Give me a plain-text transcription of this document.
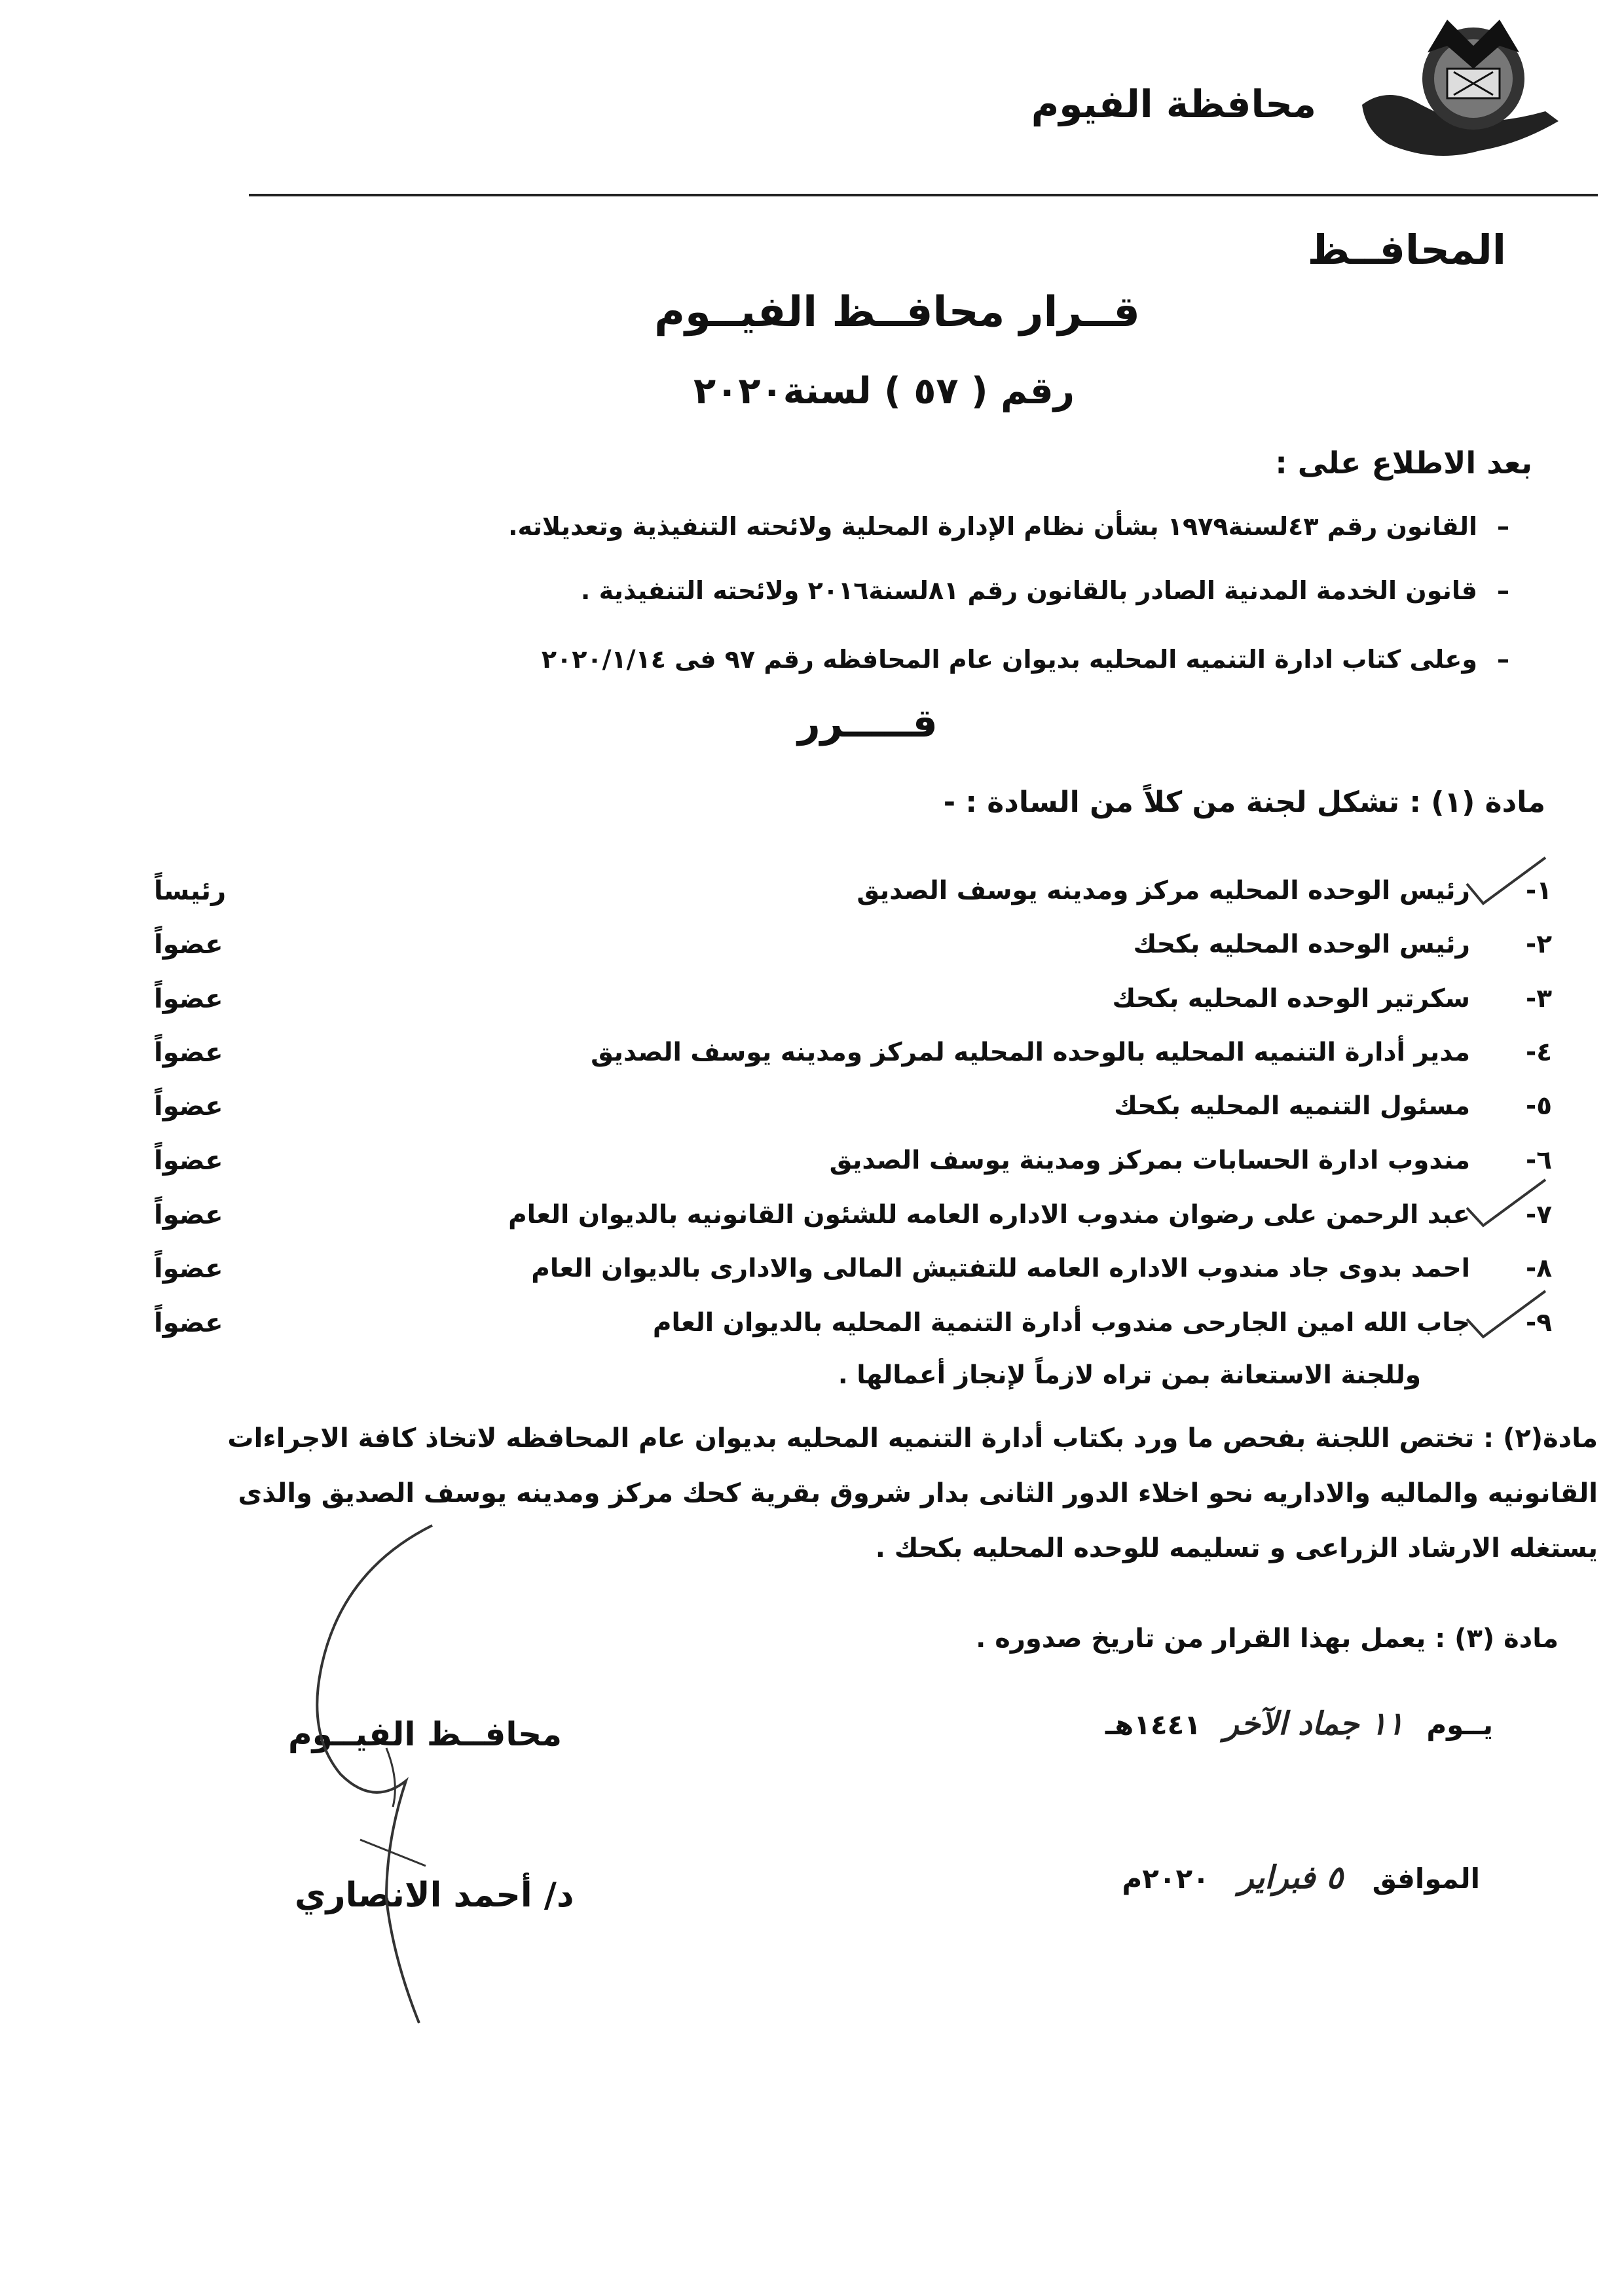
محافظة الفيوم
المحافــظ
قــرار محافــظ الفيــوم
رقم ( ٥٧ ) لسنة٢٠٢٠
بعد الاطلاع على :
–القانون رقم ٤٣لسنة١٩٧٩ بشأن نظام الإدارة المحلية ولائحته التنفيذية وتعديلاته.
–قانون الخدمة المدنية الصادر بالقانون رقم ٨١لسنة٢٠١٦ ولائحته التنفيذية .
–وعلى كتاب ادارة التنميه المحليه بديوان عام المحافظه رقم ٩٧ فى ٢٠٢٠/١/١٤
قـــــرر
مادة (١) : تشكل لجنة من كلاً من السادة : -
١-
رئيس الوحده المحليه مركز ومدينه يوسف الصديق
رئيساً
٢-
رئيس الوحده المحليه بكحك
عضواً
٣-
سكرتير الوحده المحليه بكحك
عضواً
٤-
مدير أدارة التنميه المحليه بالوحده المحليه لمركز ومدينه يوسف الصديق
عضواً
٥-
مسئول التنميه المحليه بكحك
عضواً
٦-
مندوب ادارة الحسابات بمركز ومدينة يوسف الصديق
عضواً
٧-
عبد الرحمن على رضوان مندوب الاداره العامه للشئون القانونيه بالديوان العام
عضواً
٨-
احمد بدوى جاد مندوب الاداره العامه للتفتيش المالى والادارى بالديوان العام
عضواً
٩-
جاب الله امين الجارحى مندوب أدارة التنمية المحليه بالديوان العام
عضواً
وللجنة الاستعانة بمن تراه لازماً لإنجاز أعمالها .
مادة(٢) : تختص اللجنة بفحص ما ورد بكتاب أدارة التنميه المحليه بديوان عام المحافظه لاتخاذ كافة الاجراءات القانونيه والماليه والاداريه نحو اخلاء الدور الثانى بدار شروق بقرية كحك مركز ومدينه يوسف الصديق والذى يستغله الارشاد الزراعى و تسليمه للوحده المحليه بكحك .
مادة (٣) : يعمل بهذا القرار من تاريخ صدوره .
يــوم ١١ جماد الآخر ١٤٤١هـ
الموافق ٥ فبراير ٢٠٢٠م
محافــظ الفيــوم
د/ أحمد الانصاري
